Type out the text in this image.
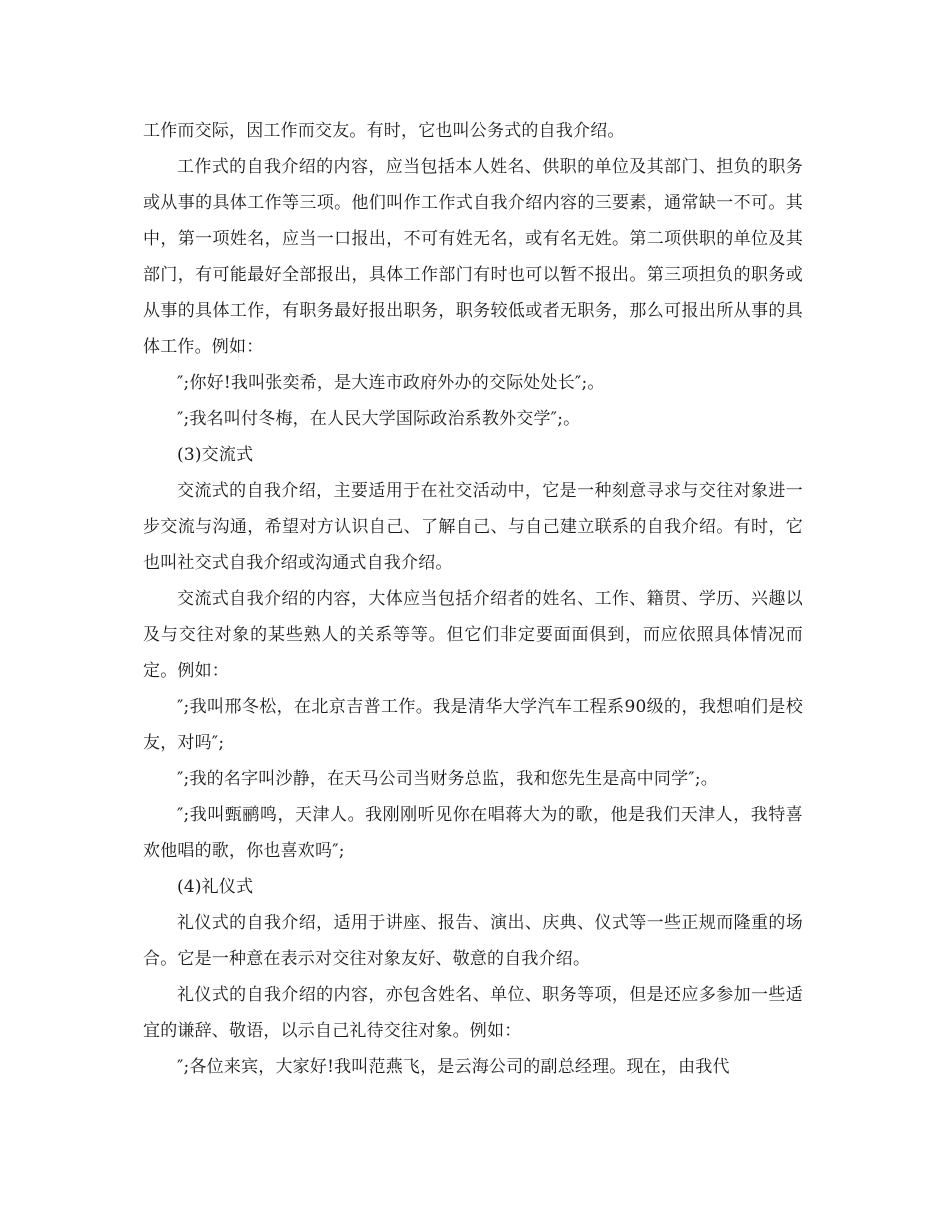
工作而交际，因工作而交友。有时，它也叫公务式的自我介绍。

工作式的自我介绍的内容，应当包括本人姓名、供职的单位及其部门、担负的职务或从事的具体工作等三项。他们叫作工作式自我介绍内容的三要素，通常缺一不可。其中，第一项姓名，应当一口报出，不可有姓无名，或有名无姓。第二项供职的单位及其部门，有可能最好全部报出，具体工作部门有时也可以暂不报出。第三项担负的职务或从事的具体工作，有职务最好报出职务，职务较低或者无职务，那么可报出所从事的具体工作。例如：

″;你好!我叫张奕希，是大连市政府外办的交际处处长″;。

″;我名叫付冬梅，在人民大学国际政治系教外交学″;。

(3)交流式

交流式的自我介绍，主要适用于在社交活动中，它是一种刻意寻求与交往对象进一步交流与沟通，希望对方认识自己、了解自己、与自己建立联系的自我介绍。有时，它也叫社交式自我介绍或沟通式自我介绍。

交流式自我介绍的内容，大体应当包括介绍者的姓名、工作、籍贯、学历、兴趣以及与交往对象的某些熟人的关系等等。但它们非定要面面俱到，而应依照具体情况而定。例如：

″;我叫邢冬松，在北京吉普工作。我是清华大学汽车工程系90级的，我想咱们是校友，对吗″;

″;我的名字叫沙静，在天马公司当财务总监，我和您先生是高中同学″;。

″;我叫甄鹂鸣，天津人。我刚刚听见你在唱蒋大为的歌，他是我们天津人，我特喜欢他唱的歌，你也喜欢吗″;

(4)礼仪式

礼仪式的自我介绍，适用于讲座、报告、演出、庆典、仪式等一些正规而隆重的场合。它是一种意在表示对交往对象友好、敬意的自我介绍。

礼仪式的自我介绍的内容，亦包含姓名、单位、职务等项，但是还应多参加一些适宜的谦辞、敬语，以示自己礼待交往对象。例如：

″;各位来宾，大家好!我叫范燕飞，是云海公司的副总经理。现在，由我代
